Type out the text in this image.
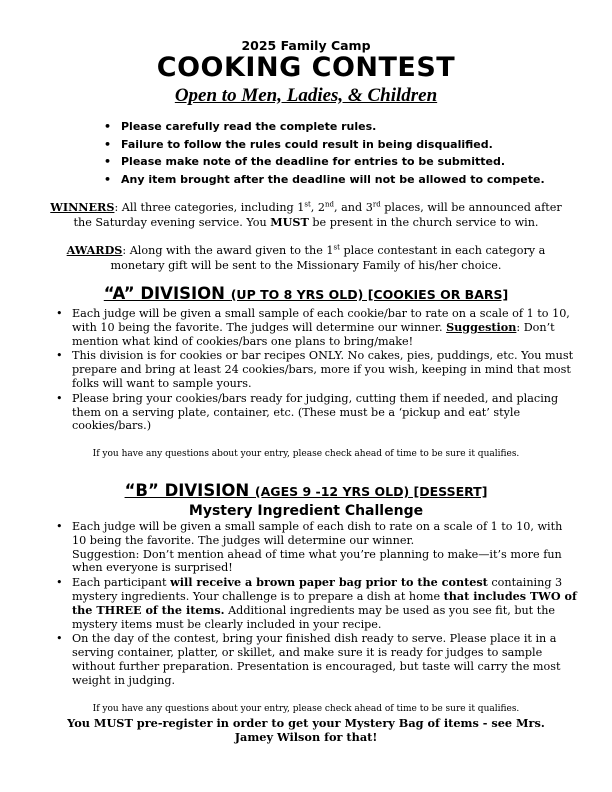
2025 Family Camp
COOKING CONTEST
Open to Men, Ladies, & Children
• Please carefully read the complete rules.
• Failure to follow the rules could result in being disqualified.
• Please make note of the deadline for entries to be submitted.
• Any item brought after the deadline will not be allowed to compete.
WINNERS: All three categories, including 1st, 2nd, and 3rd places, will be announced after the Saturday evening service. You MUST be present in the church service to win.
AWARDS: Along with the award given to the 1st place contestant in each category a monetary gift will be sent to the Missionary Family of his/her choice.
“A” DIVISION (UP TO 8 YRS OLD) [COOKIES OR BARS]
• Each judge will be given a small sample of each cookie/bar to rate on a scale of 1 to 10, with 10 being the favorite. The judges will determine our winner. Suggestion: Don’t mention what kind of cookies/bars one plans to bring/make!
• This division is for cookies or bar recipes ONLY. No cakes, pies, puddings, etc. You must prepare and bring at least 24 cookies/bars, more if you wish, keeping in mind that most folks will want to sample yours.
• Please bring your cookies/bars ready for judging, cutting them if needed, and placing them on a serving plate, container, etc. (These must be a ‘pickup and eat’ style cookies/bars.)
If you have any questions about your entry, please check ahead of time to be sure it qualifies.
“B” DIVISION (AGES 9 -12 YRS OLD) [DESSERT]
Mystery Ingredient Challenge
• Each judge will be given a small sample of each dish to rate on a scale of 1 to 10, with 10 being the favorite. The judges will determine our winner.
Suggestion: Don’t mention ahead of time what you’re planning to make—it’s more fun when everyone is surprised!
• Each participant will receive a brown paper bag prior to the contest containing 3 mystery ingredients. Your challenge is to prepare a dish at home that includes TWO of the THREE of the items. Additional ingredients may be used as you see fit, but the mystery items must be clearly included in your recipe.
• On the day of the contest, bring your finished dish ready to serve. Please place it in a serving container, platter, or skillet, and make sure it is ready for judges to sample without further preparation. Presentation is encouraged, but taste will carry the most weight in judging.
If you have any questions about your entry, please check ahead of time to be sure it qualifies.
You MUST pre-register in order to get your Mystery Bag of items - see Mrs.
Jamey Wilson for that!
